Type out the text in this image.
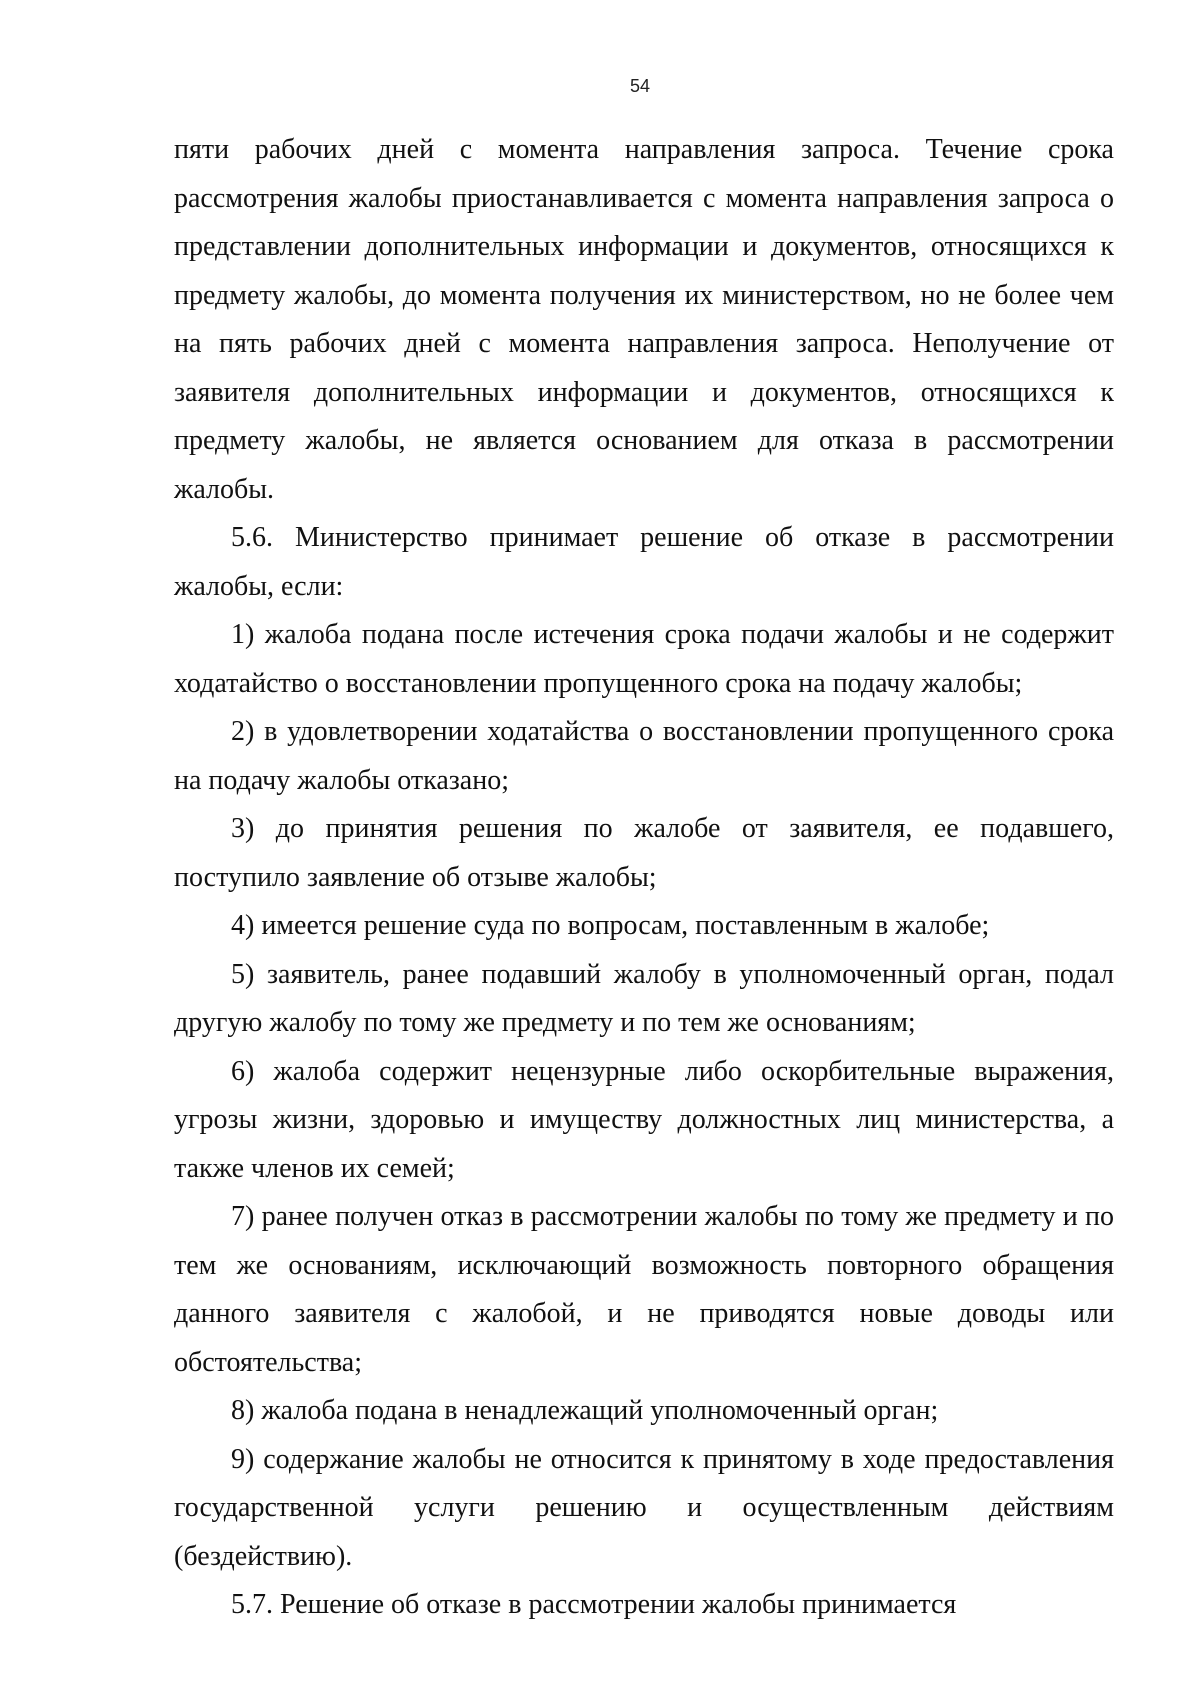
54

пяти рабочих дней с момента направления запроса. Течение срока рассмотрения жалобы приостанавливается с момента направления запроса о представлении дополнительных информации и документов, относящихся к предмету жалобы, до момента получения их министерством, но не более чем на пять рабочих дней с момента направления запроса. Неполучение от заявителя дополнительных информации и документов, относящихся к предмету жалобы, не является основанием для отказа в рассмотрении жалобы.

5.6. Министерство принимает решение об отказе в рассмотрении жалобы, если:

1) жалоба подана после истечения срока подачи жалобы и не содержит ходатайство о восстановлении пропущенного срока на подачу жалобы;

2) в удовлетворении ходатайства о восстановлении пропущенного срока на подачу жалобы отказано;

3) до принятия решения по жалобе от заявителя, ее подавшего, поступило заявление об отзыве жалобы;

4) имеется решение суда по вопросам, поставленным в жалобе;

5) заявитель, ранее подавший жалобу в уполномоченный орган, подал другую жалобу по тому же предмету и по тем же основаниям;

6) жалоба содержит нецензурные либо оскорбительные выражения, угрозы жизни, здоровью и имуществу должностных лиц министерства, а также членов их семей;

7) ранее получен отказ в рассмотрении жалобы по тому же предмету и по тем же основаниям, исключающий возможность повторного обращения данного заявителя с жалобой, и не приводятся новые доводы или обстоятельства;

8) жалоба подана в ненадлежащий уполномоченный орган;

9) содержание жалобы не относится к принятому в ходе предоставления государственной услуги решению и осуществленным действиям (бездействию).

5.7. Решение об отказе в рассмотрении жалобы принимается
